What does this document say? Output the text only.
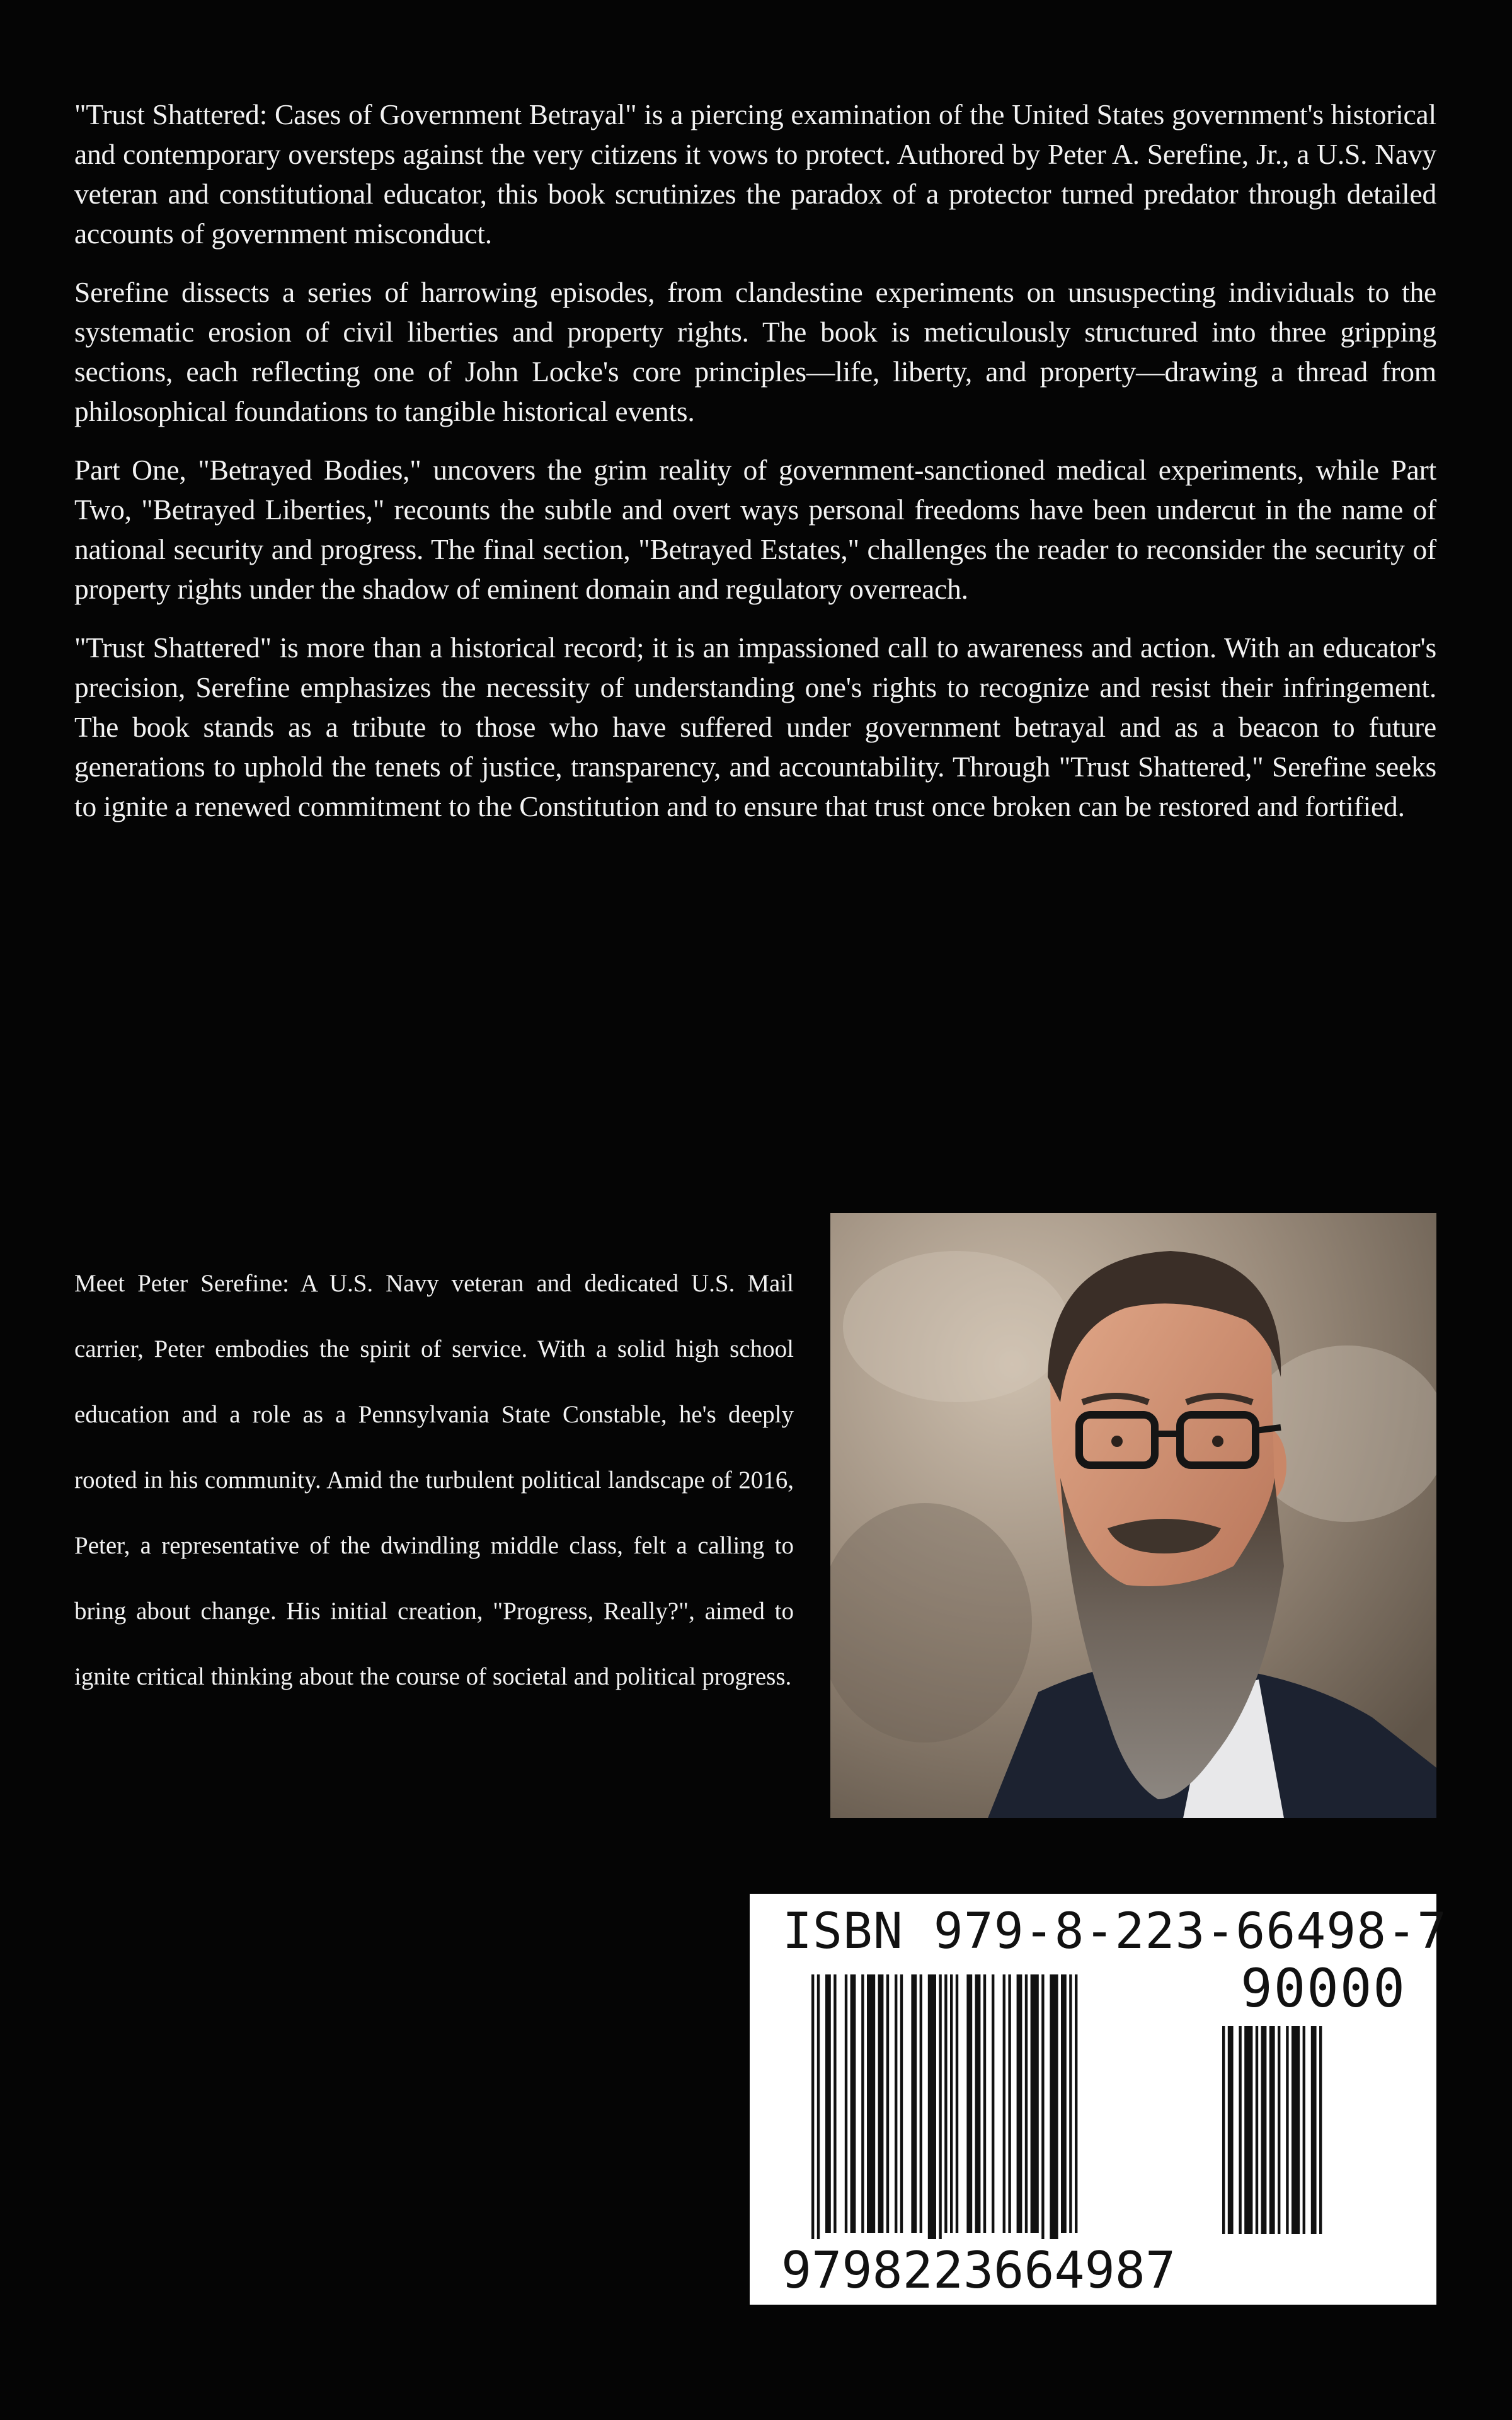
"Trust Shattered: Cases of Government Betrayal" is a piercing examination of the United States government's historical and contemporary oversteps against the very citizens it vows to protect. Authored by Peter A. Serefine, Jr., a U.S. Navy veteran and constitutional educator, this book scrutinizes the paradox of a protector turned predator through detailed accounts of government misconduct.

Serefine dissects a series of harrowing episodes, from clandestine experiments on unsuspecting individuals to the systematic erosion of civil liberties and property rights. The book is meticulously structured into three gripping sections, each reflecting one of John Locke's core principles—life, liberty, and property—drawing a thread from philosophical foundations to tangible historical events.

Part One, "Betrayed Bodies," uncovers the grim reality of government-sanctioned medical experiments, while Part Two, "Betrayed Liberties," recounts the subtle and overt ways personal freedoms have been undercut in the name of national security and progress. The final section, "Betrayed Estates," challenges the reader to reconsider the security of property rights under the shadow of eminent domain and regulatory overreach.

"Trust Shattered" is more than a historical record; it is an impassioned call to awareness and action. With an educator's precision, Serefine emphasizes the necessity of understanding one's rights to recognize and resist their infringement. The book stands as a tribute to those who have suffered under government betrayal and as a beacon to future generations to uphold the tenets of justice, transparency, and accountability. Through "Trust Shattered," Serefine seeks to ignite a renewed commitment to the Constitution and to ensure that trust once broken can be restored and fortified.

Meet Peter Serefine: A U.S. Navy veteran and dedicated U.S. Mail carrier, Peter embodies the spirit of service. With a solid high school education and a role as a Pennsylvania State Constable, he's deeply rooted in his community. Amid the turbulent political landscape of 2016, Peter, a representative of the dwindling middle class, felt a calling to bring about change. His initial creation, "Progress, Really?", aimed to ignite critical thinking about the course of societal and political progress.

ISBN 979-8-223-66498-7
90000
9798223664987
